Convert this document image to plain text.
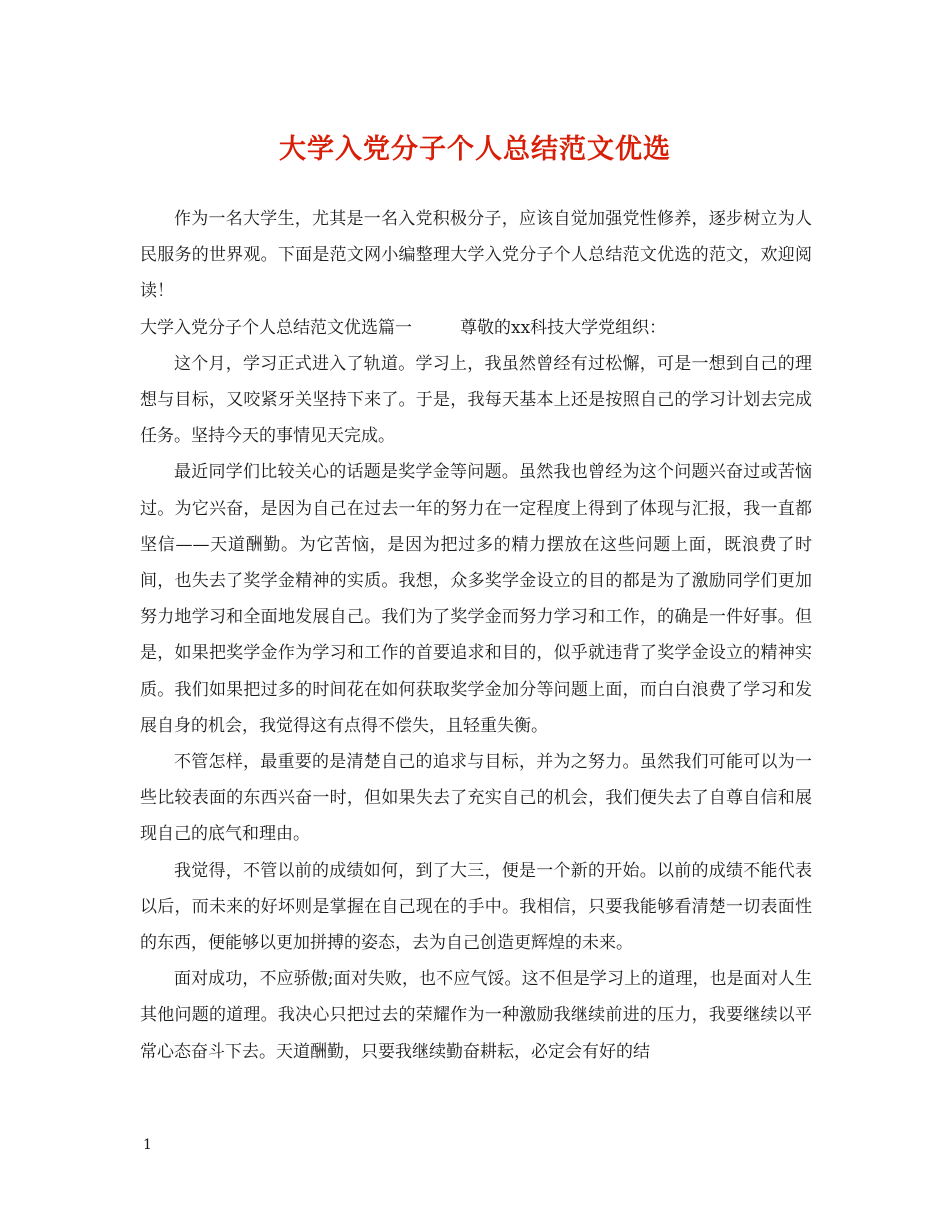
大学入党分子个人总结范文优选

作为一名大学生，尤其是一名入党积极分子，应该自觉加强党性修养，逐步树立为人民服务的世界观。下面是范文网小编整理大学入党分子个人总结范文优选的范文，欢迎阅读！

大学入党分子个人总结范文优选篇一	尊敬的xx科技大学党组织：

这个月，学习正式进入了轨道。学习上，我虽然曾经有过松懈，可是一想到自己的理想与目标，又咬紧牙关坚持下来了。于是，我每天基本上还是按照自己的学习计划去完成任务。坚持今天的事情见天完成。

最近同学们比较关心的话题是奖学金等问题。虽然我也曾经为这个问题兴奋过或苦恼过。为它兴奋，是因为自己在过去一年的努力在一定程度上得到了体现与汇报，我一直都坚信——天道酬勤。为它苦恼，是因为把过多的精力摆放在这些问题上面，既浪费了时间，也失去了奖学金精神的实质。我想，众多奖学金设立的目的都是为了激励同学们更加努力地学习和全面地发展自己。我们为了奖学金而努力学习和工作，的确是一件好事。但是，如果把奖学金作为学习和工作的首要追求和目的，似乎就违背了奖学金设立的精神实质。我们如果把过多的时间花在如何获取奖学金加分等问题上面，而白白浪费了学习和发展自身的机会，我觉得这有点得不偿失，且轻重失衡。

不管怎样，最重要的是清楚自己的追求与目标，并为之努力。虽然我们可能可以为一些比较表面的东西兴奋一时，但如果失去了充实自己的机会，我们便失去了自尊自信和展现自己的底气和理由。

我觉得，不管以前的成绩如何，到了大三，便是一个新的开始。以前的成绩不能代表以后，而未来的好坏则是掌握在自己现在的手中。我相信，只要我能够看清楚一切表面性的东西，便能够以更加拼搏的姿态，去为自己创造更辉煌的未来。

面对成功，不应骄傲;面对失败，也不应气馁。这不但是学习上的道理，也是面对人生其他问题的道理。我决心只把过去的荣耀作为一种激励我继续前进的压力，我要继续以平常心态奋斗下去。天道酬勤，只要我继续勤奋耕耘，必定会有好的结

1
